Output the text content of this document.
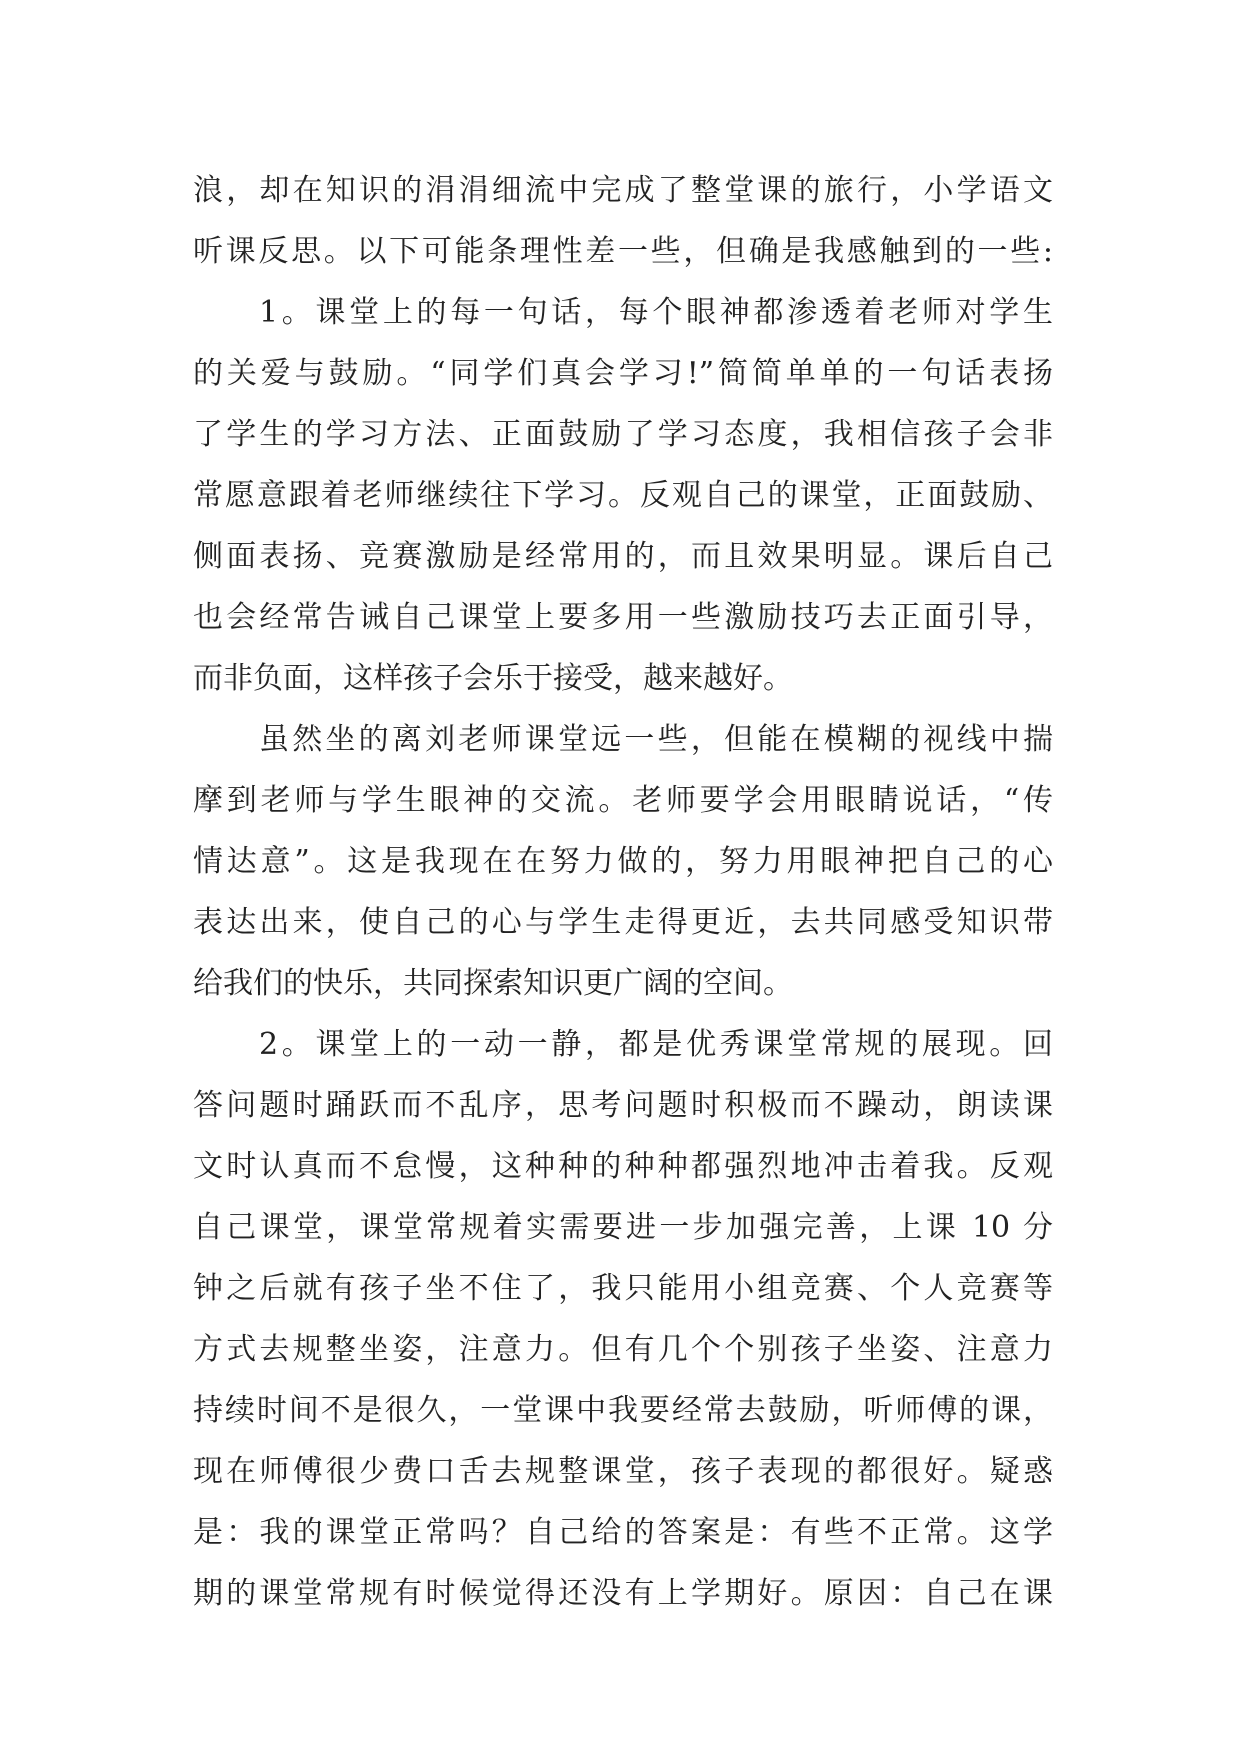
浪，却在知识的涓涓细流中完成了整堂课的旅行，小学语文
听课反思。以下可能条理性差一些，但确是我感触到的一些:
1。课堂上的每一句话，每个眼神都渗透着老师对学生
的关爱与鼓励。“同学们真会学习!”简简单单的一句话表扬
了学生的学习方法、正面鼓励了学习态度，我相信孩子会非
常愿意跟着老师继续往下学习。反观自己的课堂，正面鼓励、
侧面表扬、竞赛激励是经常用的，而且效果明显。课后自己
也会经常告诫自己课堂上要多用一些激励技巧去正面引导，
而非负面，这样孩子会乐于接受，越来越好。
虽然坐的离刘老师课堂远一些，但能在模糊的视线中揣
摩到老师与学生眼神的交流。老师要学会用眼睛说话，“传
情达意”。这是我现在在努力做的，努力用眼神把自己的心
表达出来，使自己的心与学生走得更近，去共同感受知识带
给我们的快乐，共同探索知识更广阔的空间。
2。课堂上的一动一静，都是优秀课堂常规的展现。回
答问题时踊跃而不乱序，思考问题时积极而不躁动，朗读课
文时认真而不怠慢，这种种的种种都强烈地冲击着我。反观
自己课堂，课堂常规着实需要进一步加强完善，上课 10 分
钟之后就有孩子坐不住了，我只能用小组竞赛、个人竞赛等
方式去规整坐姿，注意力。但有几个个别孩子坐姿、注意力
持续时间不是很久，一堂课中我要经常去鼓励，听师傅的课，
现在师傅很少费口舌去规整课堂，孩子表现的都很好。疑惑
是：我的课堂正常吗？自己给的答案是：有些不正常。这学
期的课堂常规有时候觉得还没有上学期好。原因：自己在课
